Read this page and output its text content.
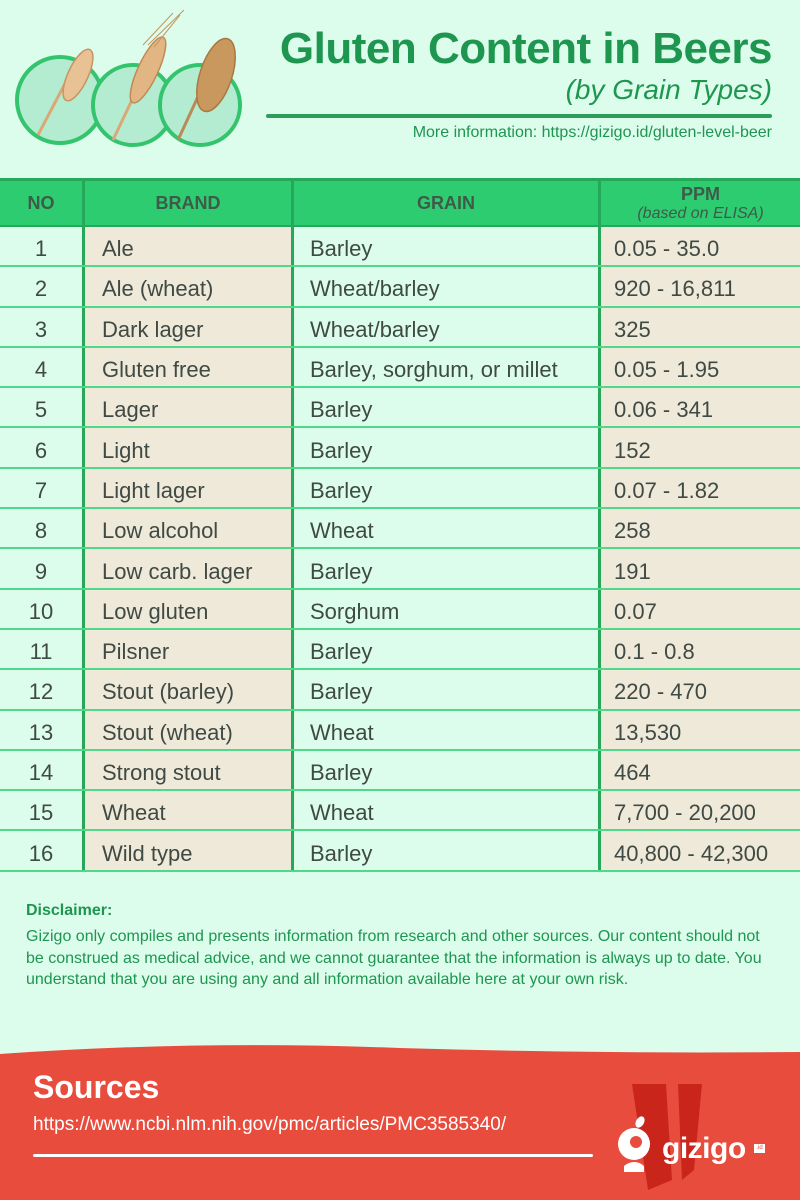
Gluten Content in Beers
(by Grain Types)
More information: https://gizigo.id/gluten-level-beer
NO	BRAND	GRAIN	PPM
(based on ELISA)
1	Ale	Barley	0.05 - 35.0
2	Ale (wheat)	Wheat/barley	920 - 16,811
3	Dark lager	Wheat/barley	325
4	Gluten free	Barley, sorghum, or millet	0.05 - 1.95
5	Lager	Barley	0.06 - 341
6	Light	Barley	152
7	Light lager	Barley	0.07 - 1.82
8	Low alcohol	Wheat	258
9	Low carb. lager	Barley	191
10	Low gluten	Sorghum	0.07
11	Pilsner	Barley	0.1 - 0.8
12	Stout (barley)	Barley	220 - 470
13	Stout (wheat)	Wheat	13,530
14	Strong stout	Barley	464
15	Wheat	Wheat	7,700 - 20,200
16	Wild type	Barley	40,800 - 42,300
Disclaimer:
Gizigo only compiles and presents information from research and other sources. Our content should not be construed as medical advice, and we cannot guarantee that the information is always up to date. You understand that you are using any and all information available here at your own risk.
Sources
https://www.ncbi.nlm.nih.gov/pmc/articles/PMC3585340/
gizigo	.id
